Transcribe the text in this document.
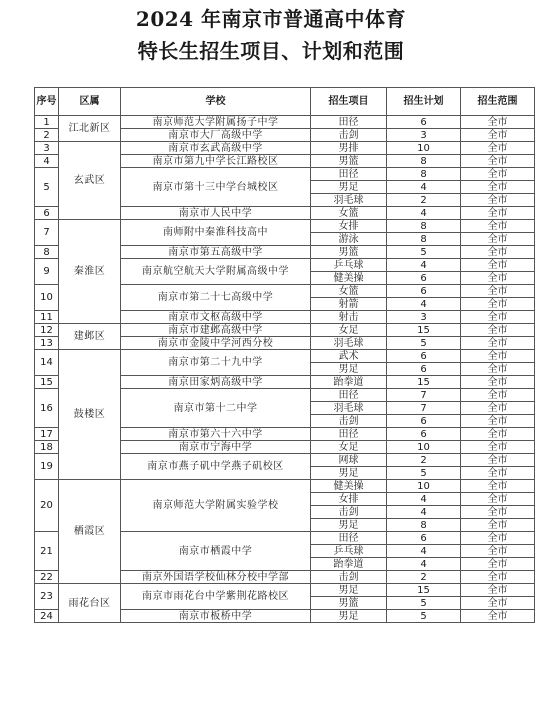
2024 年南京市普通高中体育
特长生招生项目、计划和范围
序号	区属	学校	招生项目	招生计划	招生范围
1	江北新区	南京师范大学附属扬子中学	田径	6	全市
2		南京市大厂高级中学	击剑	3	全市
3	玄武区	南京市玄武高级中学	男排	10	全市
4		南京市第九中学长江路校区	男篮	8	全市
5		南京市第十三中学台城校区	田径	8	全市
			男足	4	全市
			羽毛球	2	全市
6		南京市人民中学	女篮	4	全市
7	秦淮区	南师附中秦淮科技高中	女排	8	全市
			游泳	8	全市
8		南京市第五高级中学	男篮	5	全市
9		南京航空航天大学附属高级中学	乒乓球	4	全市
			健美操	6	全市
10		南京市第二十七高级中学	女篮	6	全市
			射箭	4	全市
11		南京市文枢高级中学	射击	3	全市
12	建邺区	南京市建邺高级中学	女足	15	全市
13		南京市金陵中学河西分校	羽毛球	5	全市
14	鼓楼区	南京市第二十九中学	武术	6	全市
			男足	6	全市
15		南京田家炳高级中学	跆拳道	15	全市
16		南京市第十二中学	田径	7	全市
			羽毛球	7	全市
			击剑	6	全市
17		南京市第六十六中学	田径	6	全市
18		南京市宁海中学	女足	10	全市
19		南京市燕子矶中学燕子矶校区	网球	2	全市
			男足	5	全市
20	栖霞区	南京师范大学附属实验学校	健美操	10	全市
			女排	4	全市
			击剑	4	全市
			男足	8	全市
21		南京市栖霞中学	田径	6	全市
			乒乓球	4	全市
			跆拳道	4	全市
22		南京外国语学校仙林分校中学部	击剑	2	全市
23	雨花台区	南京市雨花台中学紫荆花路校区	男足	15	全市
			男篮	5	全市
24		南京市板桥中学	男足	5	全市
